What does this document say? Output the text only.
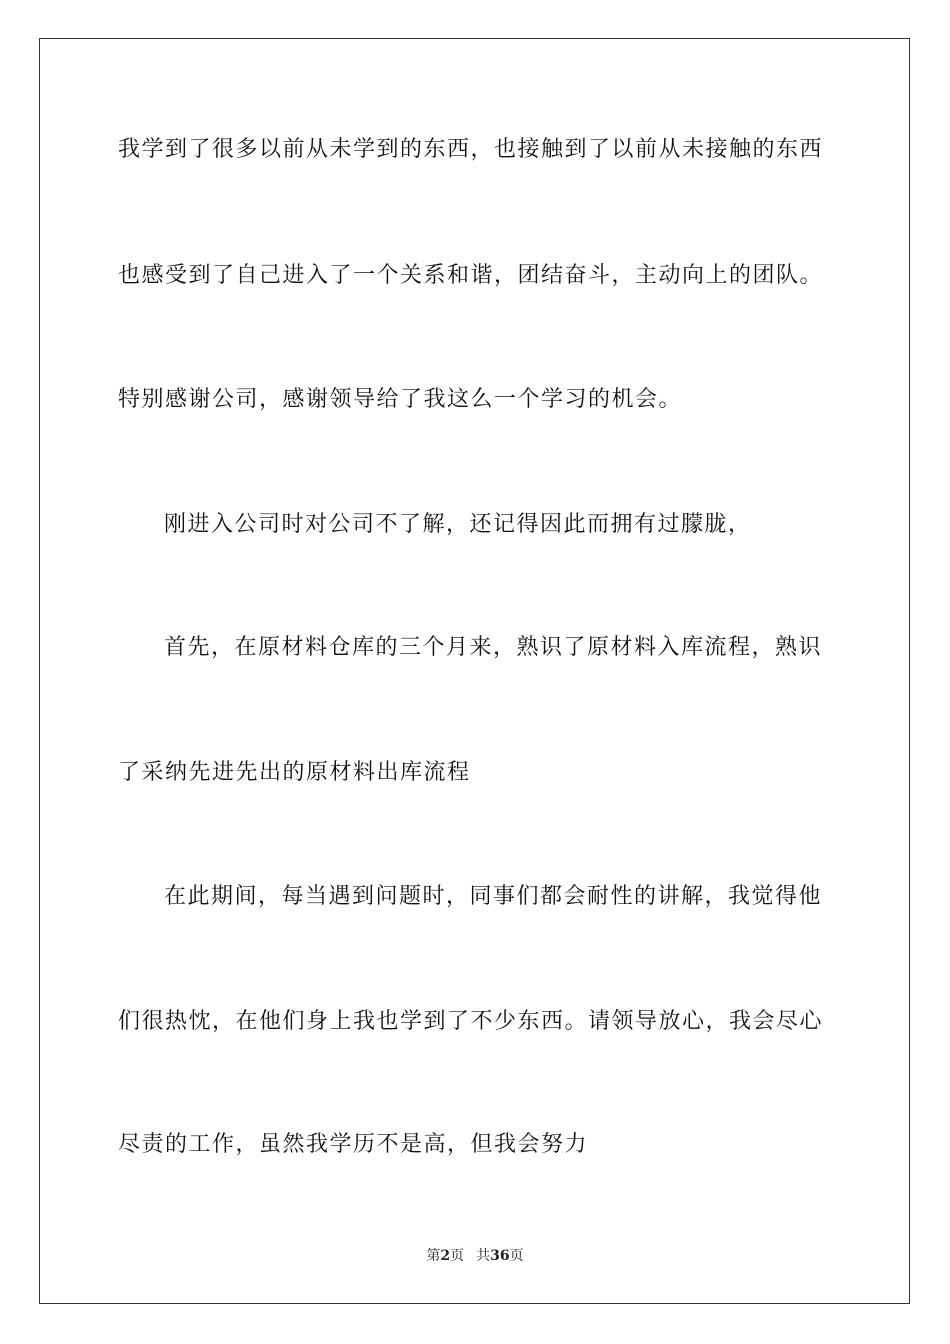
我学到了很多以前从未学到的东西，也接触到了以前从未接触的东西
也感受到了自己进入了一个关系和谐，团结奋斗，主动向上的团队。
特别感谢公司，感谢领导给了我这么一个学习的机会。
刚进入公司时对公司不了解，还记得因此而拥有过朦胧，
首先，在原材料仓库的三个月来，熟识了原材料入库流程，熟识
了采纳先进先出的原材料出库流程
在此期间，每当遇到问题时，同事们都会耐性的讲解，我觉得他
们很热忱，在他们身上我也学到了不少东西。请领导放心，我会尽心
尽责的工作，虽然我学历不是高，但我会努力
第2页 共36页
